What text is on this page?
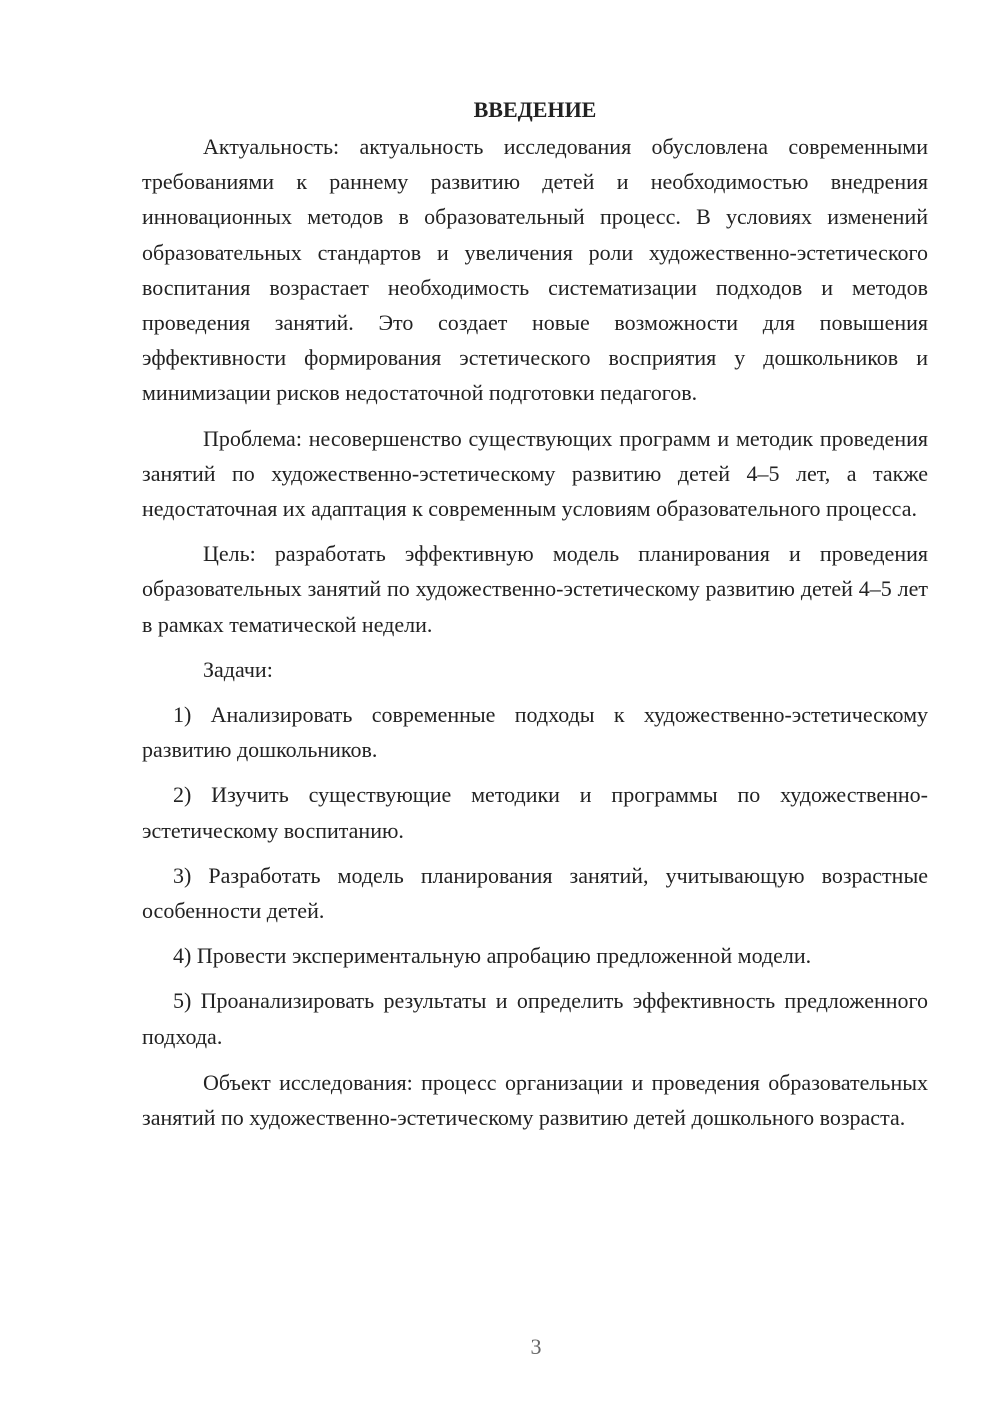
ВВЕДЕНИЕ

Актуальность: актуальность исследования обусловлена современными требованиями к раннему развитию детей и необходимостью внедрения инновационных методов в образовательный процесс. В условиях изменений образовательных стандартов и увеличения роли художественно-эстетического воспитания возрастает необходимость систематизации подходов и методов проведения занятий. Это создает новые возможности для повышения эффективности формирования эстетического восприятия у дошкольников и минимизации рисков недостаточной подготовки педагогов.

Проблема: несовершенство существующих программ и методик проведения занятий по художественно-эстетическому развитию детей 4–5 лет, а также недостаточная их адаптация к современным условиям образовательного процесса.

Цель: разработать эффективную модель планирования и проведения образовательных занятий по художественно-эстетическому развитию детей 4–5 лет в рамках тематической недели.

Задачи:

1) Анализировать современные подходы к художественно-эстетическому развитию дошкольников.

2) Изучить существующие методики и программы по художественно-эстетическому воспитанию.

3) Разработать модель планирования занятий, учитывающую возрастные особенности детей.

4) Провести экспериментальную апробацию предложенной модели.

5) Проанализировать результаты и определить эффективность предложенного подхода.

Объект исследования: процесс организации и проведения образовательных занятий по художественно-эстетическому развитию детей дошкольного возраста.

3
